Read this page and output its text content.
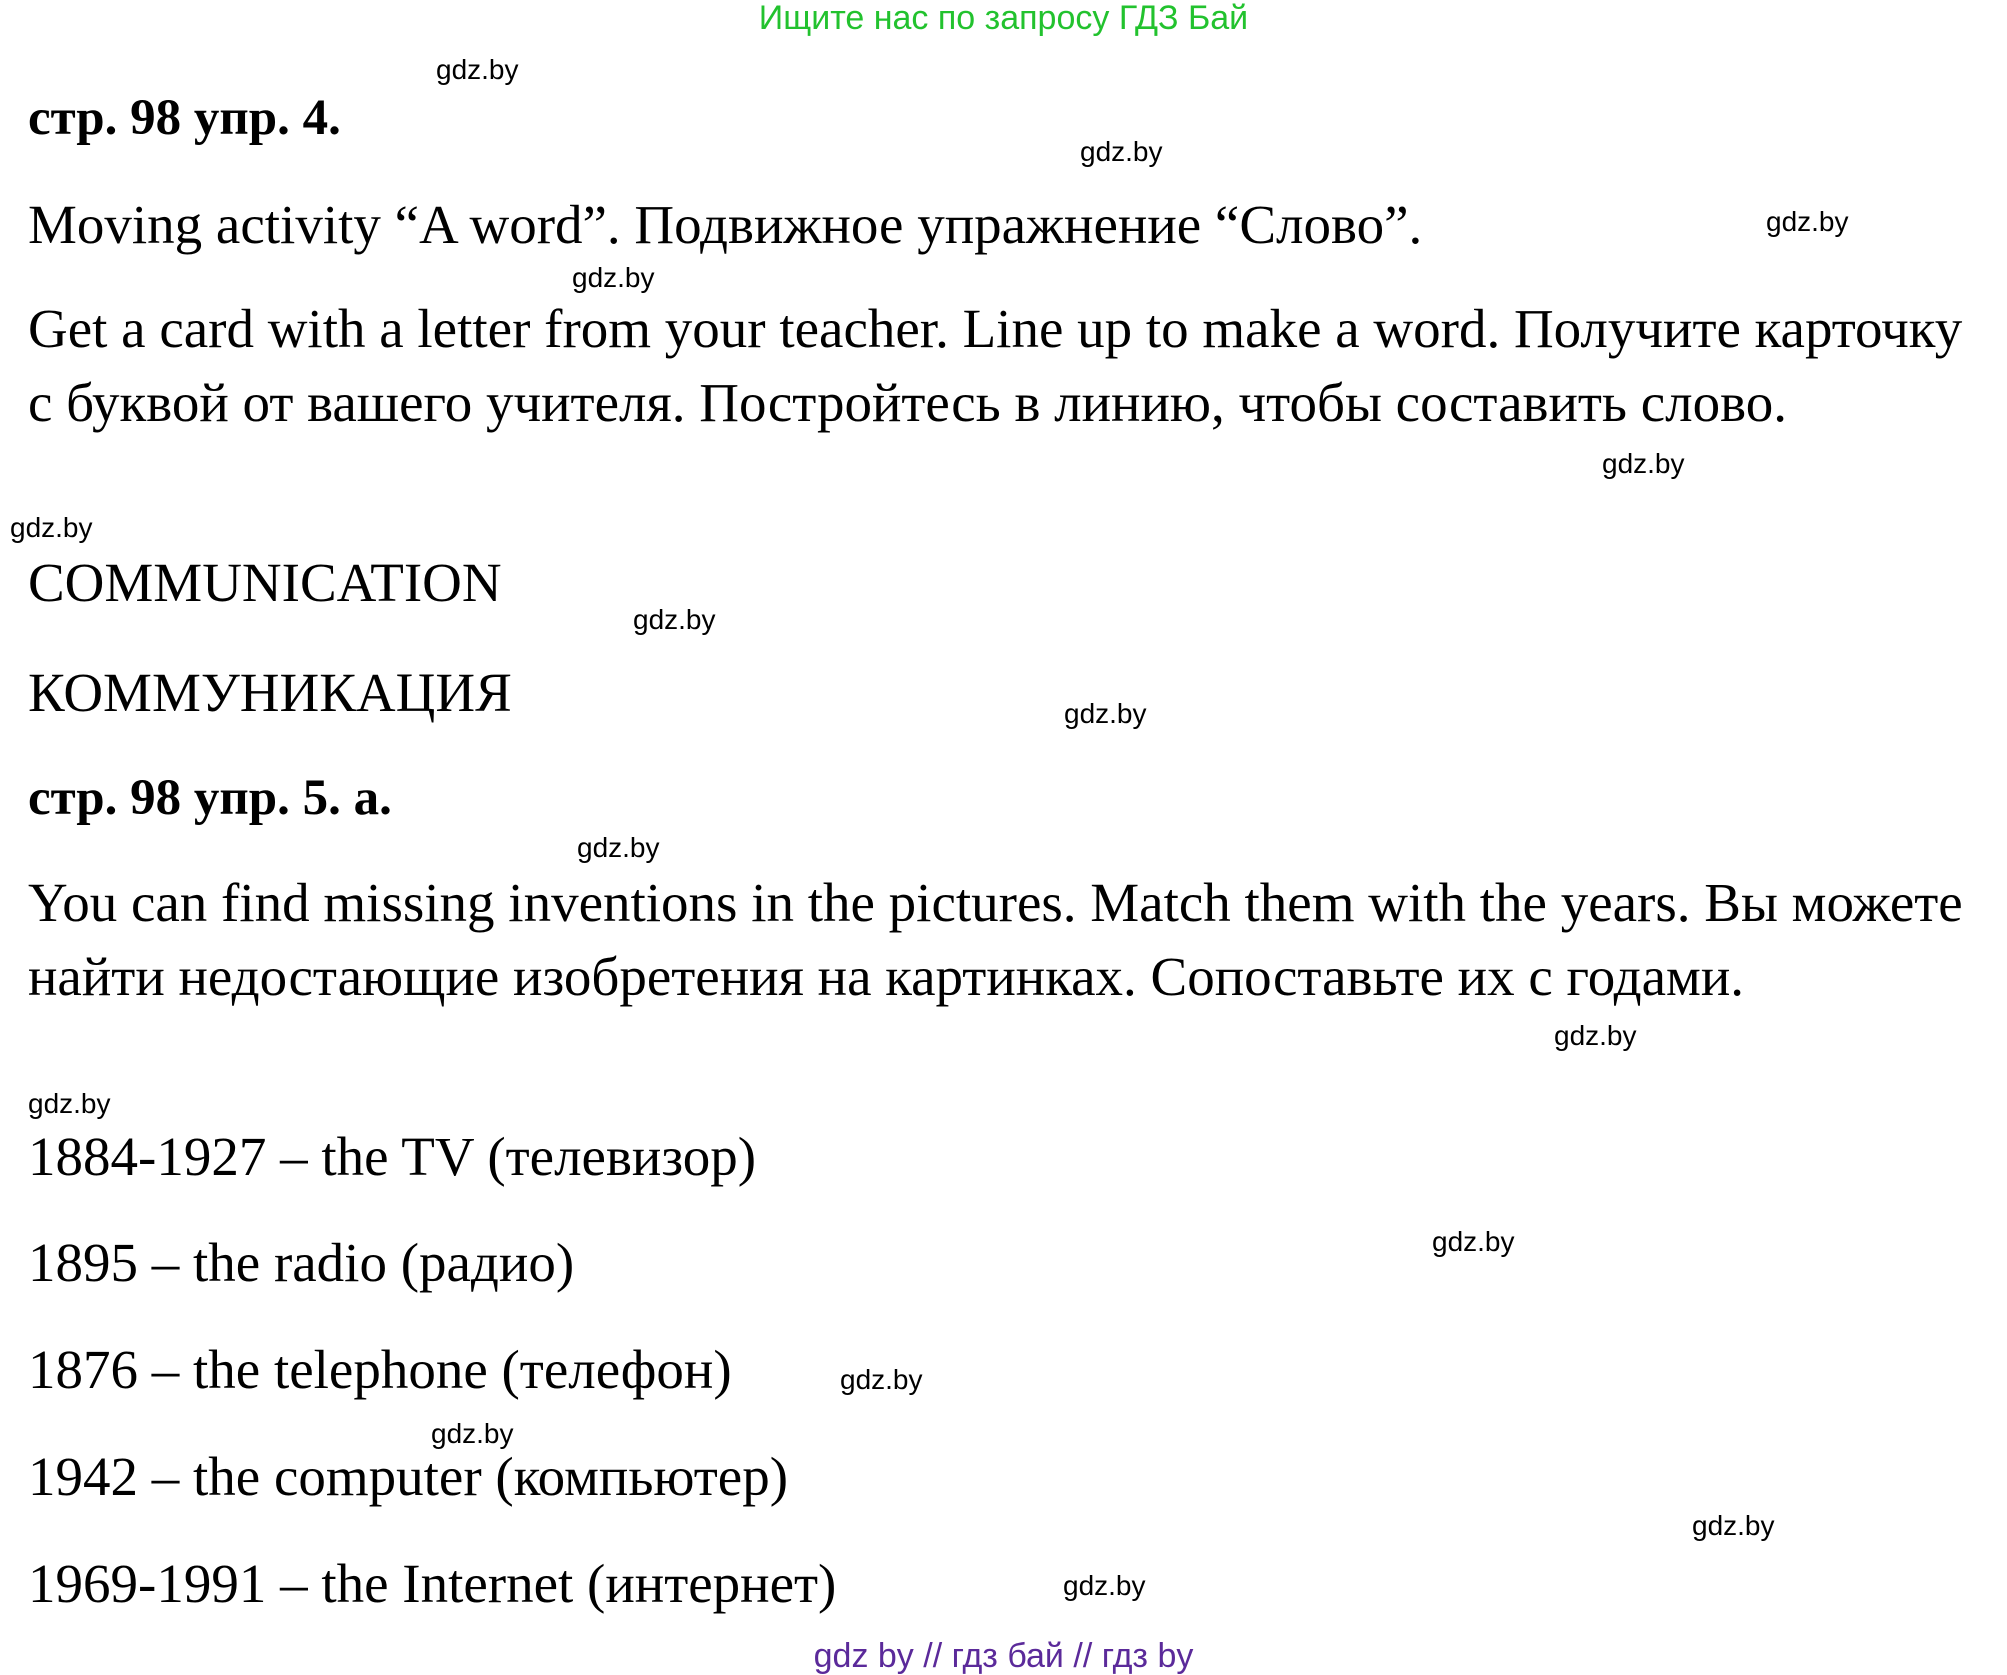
Ищите нас по запросу ГДЗ Бай
стр. 98 упр. 4.
Moving activity “A word”. Подвижное упражнение “Слово”.
Get a card with a letter from your teacher. Line up to make a word. Получите карточку с буквой от вашего учителя. Постройтесь в линию, чтобы составить слово.
COMMUNICATION
КОММУНИКАЦИЯ
стр. 98 упр. 5. а.
You can find missing inventions in the pictures. Match them with the years. Вы можете найти недостающие изобретения на картинках. Сопоставьте их с годами.
1884-1927 – the TV (телевизор)
1895 – the radio (радио)
1876 – the telephone (телефон)
1942 – the computer (компьютер)
1969-1991 – the Internet (интернет)
gdz.by
gdz.by
gdz.by
gdz.by
gdz.by
gdz.by
gdz.by
gdz.by
gdz.by
gdz.by
gdz.by
gdz.by
gdz.by
gdz.by
gdz.by
gdz.by
gdz by // гдз бай // гдз by
